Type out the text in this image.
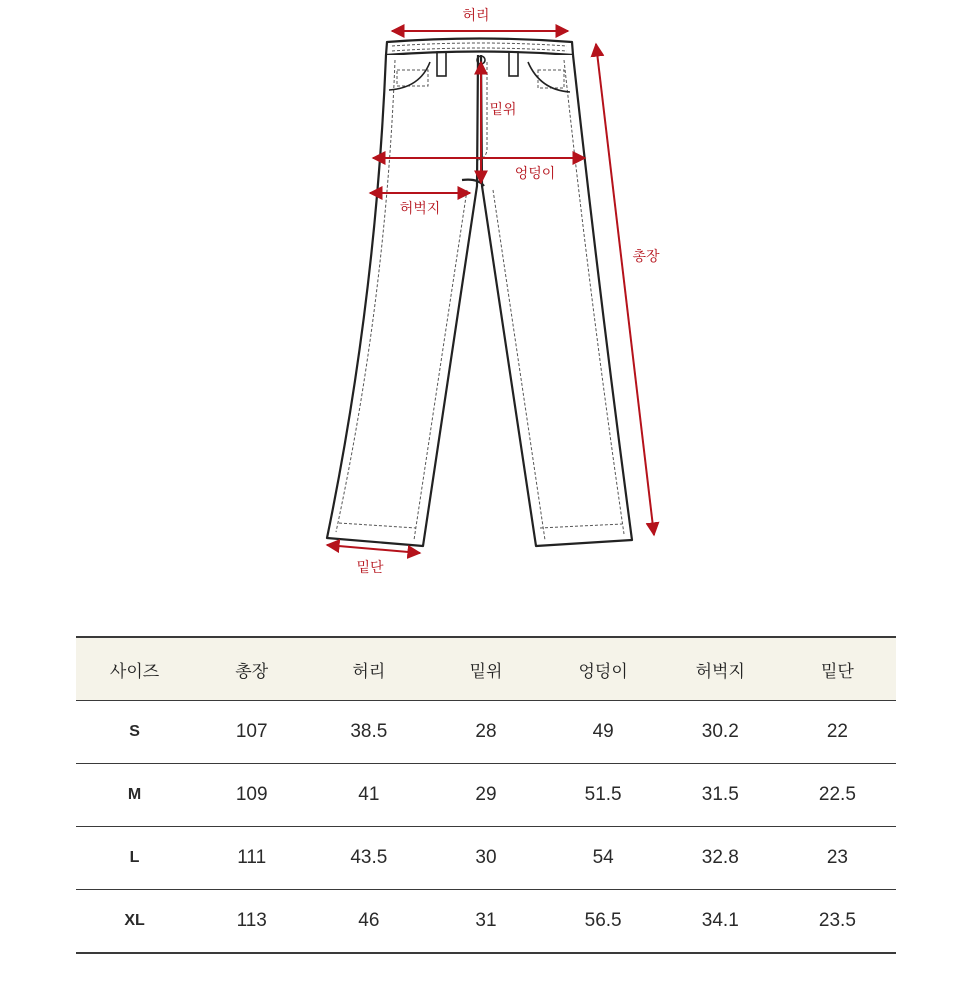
허리
밑위
엉덩이
허벅지
총장
밑단
사이즈	총장	허리	밑위	엉덩이	허벅지	밑단
S	107	38.5	28	49	30.2	22
M	109	41	29	51.5	31.5	22.5
L	111	43.5	30	54	32.8	23
XL	113	46	31	56.5	34.1	23.5
